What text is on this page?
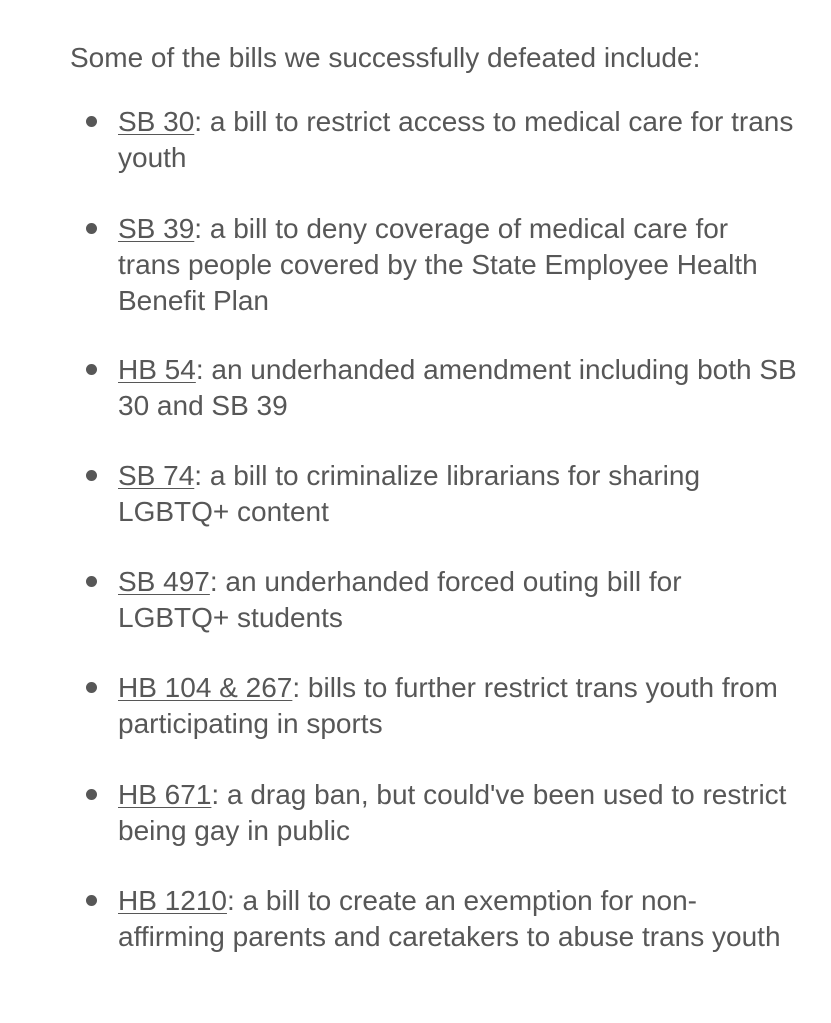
Some of the bills we successfully defeated include:

SB 30: a bill to restrict access to medical care for trans youth
SB 39: a bill to deny coverage of medical care for trans people covered by the State Employee Health Benefit Plan
HB 54: an underhanded amendment including both SB 30 and SB 39
SB 74: a bill to criminalize librarians for sharing LGBTQ+ content
SB 497: an underhanded forced outing bill for LGBTQ+ students
HB 104 & 267: bills to further restrict trans youth from participating in sports
HB 671: a drag ban, but could've been used to restrict being gay in public
HB 1210: a bill to create an exemption for non-affirming parents and caretakers to abuse trans youth
